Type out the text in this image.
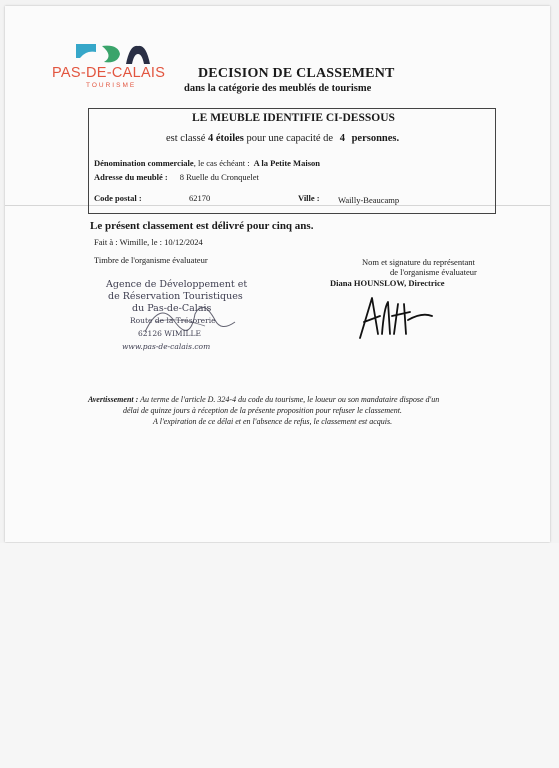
PAS-DE-CALAIS
TOURISME
DECISION DE CLASSEMENT
dans la catégorie des meublés de tourisme
LE MEUBLE IDENTIFIE CI-DESSOUS
est classé 4 étoiles pour une capacité de 4 personnes.
Dénomination commerciale, le cas échéant : A la Petite Maison
Adresse du meublé : 8 Ruelle du Cronquelet
Code postal :	62170	Ville : Wailly-Beaucamp
Le présent classement est délivré pour cinq ans.
Fait à : Wimille, le : 10/12/2024
Timbre de l'organisme évaluateur	Nom et signature du représentant
de l'organisme évaluateur
Diana HOUNSLOW, Directrice
Agence de Développement et
de Réservation Touristiques
du Pas-de-Calais
Route de la Trésorerie
62126 WIMILLE
www.pas-de-calais.com
Avertissement : Au terme de l'article D. 324-4 du code du tourisme, le loueur ou son mandataire dispose d'un
délai de quinze jours à réception de la présente proposition pour refuser le classement.
A l'expiration de ce délai et en l'absence de refus, le classement est acquis.
